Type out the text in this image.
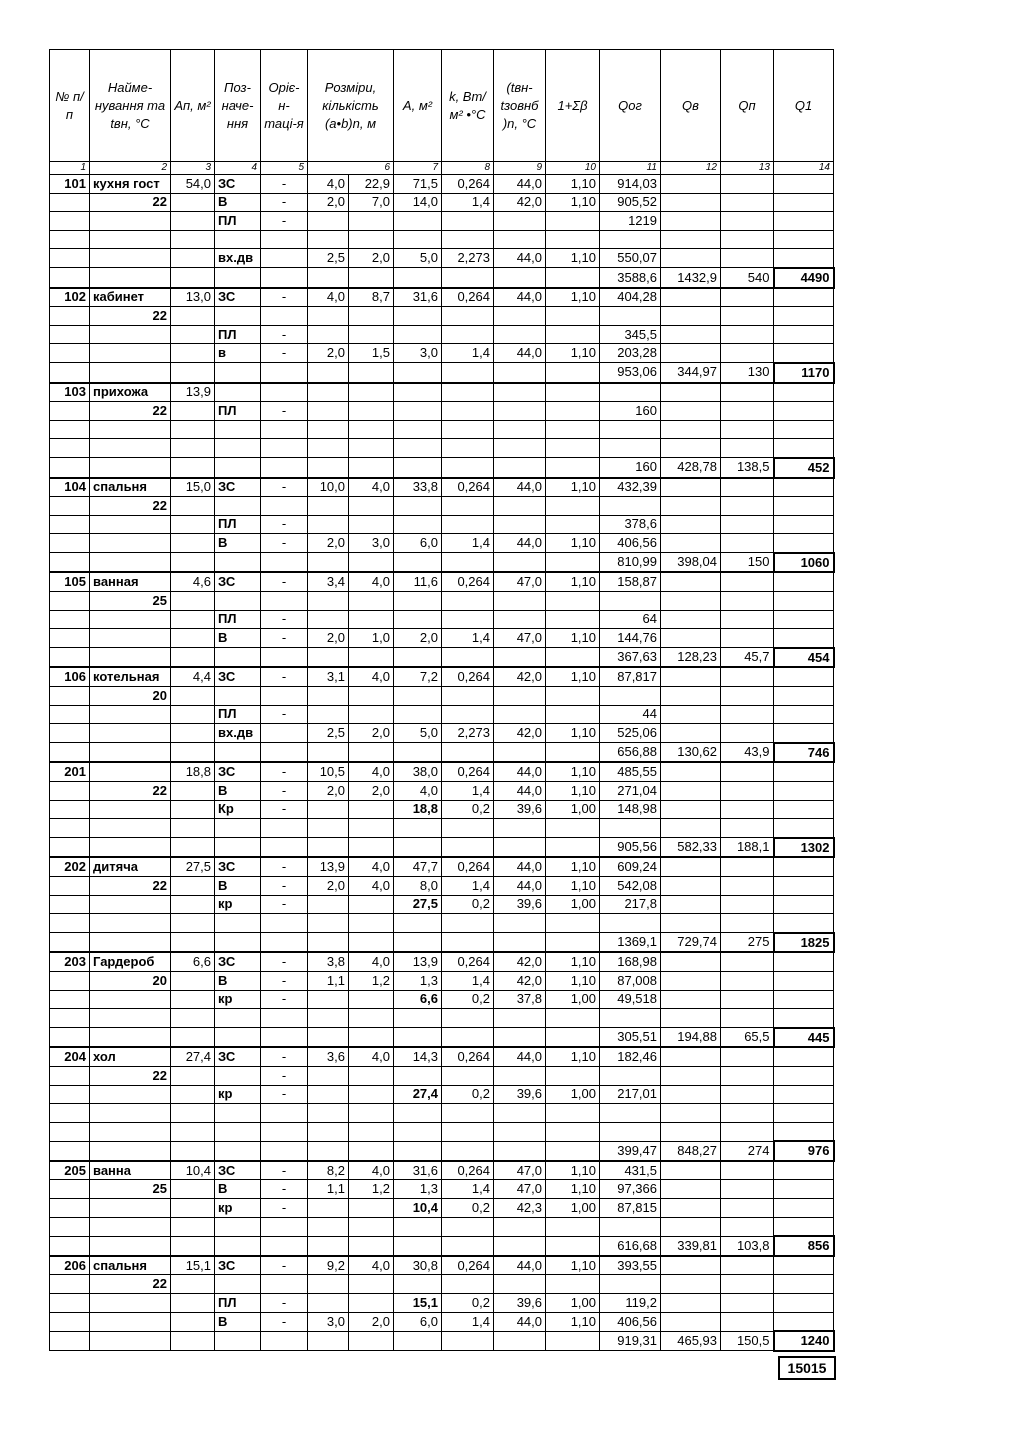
№ п/п	Найме-нування та tвн, °C	Ап, м²	Поз-наче-ння	Оріє-н-таці-я	Розміри, кількість (a•b)n, м		A, м²	k, Вт/м² •°C	(tвн-tзовнб )n, °C	1+Σβ	Qог	Qв	Qп	Q1
1	2	3	4	5	6		7	8	9	10	11	12	13	14
101	кухня гост	54,0	ЗС	-	4,0	22,9	71,5	0,264	44,0	1,10	914,03			
	22		В	-	2,0	7,0	14,0	1,4	42,0	1,10	905,52			
			ПЛ	-							1219			

			вх.дв		2,5	2,0	5,0	2,273	44,0	1,10	550,07			
											3588,6	1432,9	540	4490
102	кабинет	13,0	ЗС	-	4,0	8,7	31,6	0,264	44,0	1,10	404,28			
	22													
			ПЛ	-							345,5			
			в	-	2,0	1,5	3,0	1,4	44,0	1,10	203,28			
											953,06	344,97	130	1170
103	прихожа	13,9												
	22		ПЛ	-							160			

											160	428,78	138,5	452
104	спальня	15,0	ЗС	-	10,0	4,0	33,8	0,264	44,0	1,10	432,39			
	22													
			ПЛ	-							378,6			
			В	-	2,0	3,0	6,0	1,4	44,0	1,10	406,56			
											810,99	398,04	150	1060
105	ванная	4,6	ЗС	-	3,4	4,0	11,6	0,264	47,0	1,10	158,87			
	25													
			ПЛ	-							64			
			В	-	2,0	1,0	2,0	1,4	47,0	1,10	144,76			
											367,63	128,23	45,7	454
106	котельная	4,4	ЗС	-	3,1	4,0	7,2	0,264	42,0	1,10	87,817			
	20													
			ПЛ	-							44			
			вх.дв		2,5	2,0	5,0	2,273	42,0	1,10	525,06			
											656,88	130,62	43,9	746
201		18,8	ЗС	-	10,5	4,0	38,0	0,264	44,0	1,10	485,55			
	22		В	-	2,0	2,0	4,0	1,4	44,0	1,10	271,04			
			Кр	-			18,8	0,2	39,6	1,00	148,98			

											905,56	582,33	188,1	1302
202	дитяча	27,5	ЗС	-	13,9	4,0	47,7	0,264	44,0	1,10	609,24			
	22		В	-	2,0	4,0	8,0	1,4	44,0	1,10	542,08			
			кр	-			27,5	0,2	39,6	1,00	217,8			

											1369,1	729,74	275	1825
203	Гардероб	6,6	ЗС	-	3,8	4,0	13,9	0,264	42,0	1,10	168,98			
	20		В	-	1,1	1,2	1,3	1,4	42,0	1,10	87,008			
			кр	-			6,6	0,2	37,8	1,00	49,518			

											305,51	194,88	65,5	445
204	хол	27,4	ЗС	-	3,6	4,0	14,3	0,264	44,0	1,10	182,46			
	22			-										
			кр	-			27,4	0,2	39,6	1,00	217,01			

											399,47	848,27	274	976
205	ванна	10,4	ЗС	-	8,2	4,0	31,6	0,264	47,0	1,10	431,5			
	25		В	-	1,1	1,2	1,3	1,4	47,0	1,10	97,366			
			кр	-			10,4	0,2	42,3	1,00	87,815			

											616,68	339,81	103,8	856
206	спальня	15,1	ЗС	-	9,2	4,0	30,8	0,264	44,0	1,10	393,55			
	22													
			ПЛ	-			15,1	0,2	39,6	1,00	119,2			
			В	-	3,0	2,0	6,0	1,4	44,0	1,10	406,56			
											919,31	465,93	150,5	1240
15015
